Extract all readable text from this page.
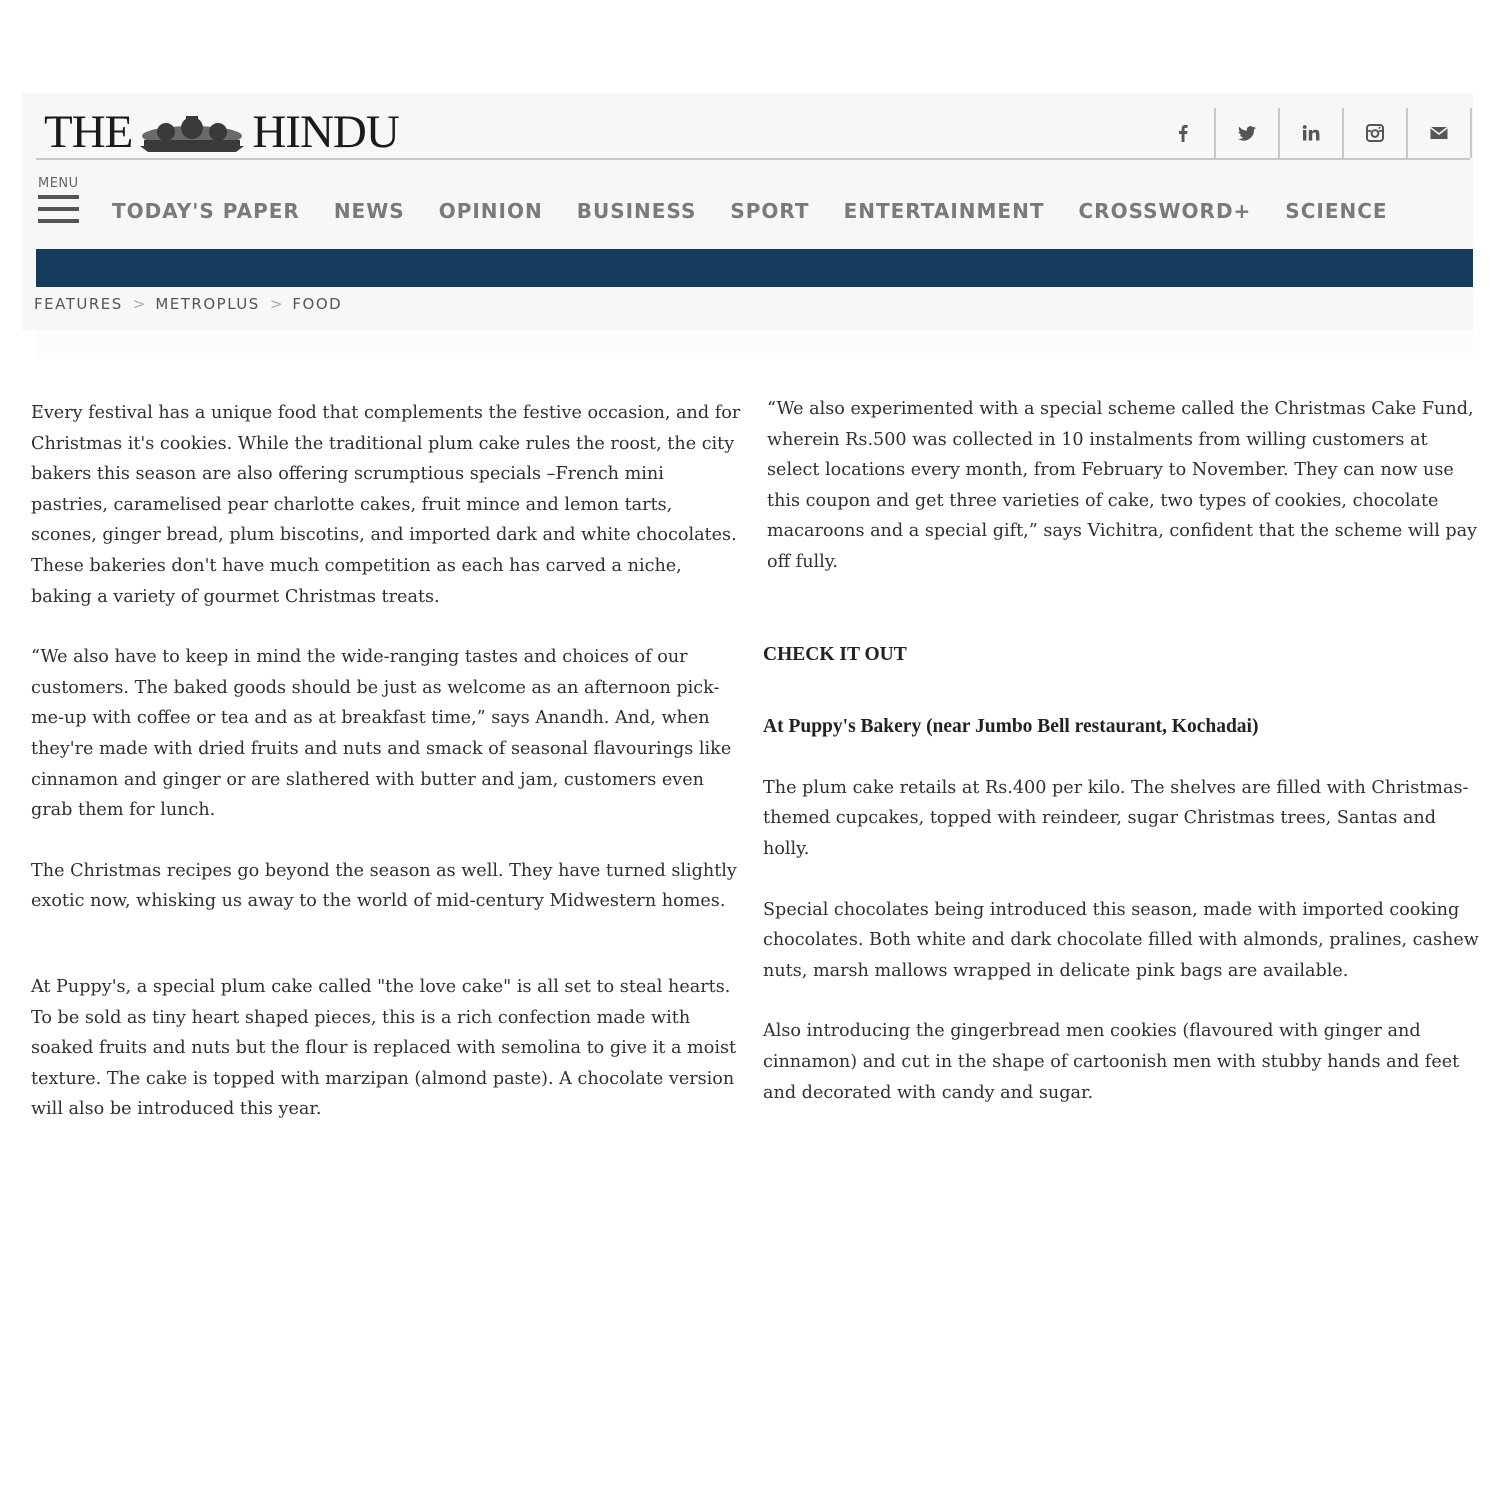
THE	HINDU
MENU
TODAY'S PAPER NEWS OPINION BUSINESS SPORT ENTERTAINMENT CROSSWORD+ SCIENCE
FEATURES > METROPLUS > FOOD

Every festival has a unique food that complements the festive occasion, and for Christmas it's cookies. While the traditional plum cake rules the roost, the city bakers this season are also offering scrumptious specials –French mini pastries, caramelised pear charlotte cakes, fruit mince and lemon tarts, scones, ginger bread, plum biscotins, and imported dark and white chocolates. These bakeries don't have much competition as each has carved a niche, baking a variety of gourmet Christmas treats.

“We also have to keep in mind the wide-ranging tastes and choices of our customers. The baked goods should be just as welcome as an afternoon pick-me-up with coffee or tea and as at breakfast time,” says Anandh. And, when they're made with dried fruits and nuts and smack of seasonal flavourings like cinnamon and ginger or are slathered with butter and jam, customers even grab them for lunch.

The Christmas recipes go beyond the season as well. They have turned slightly exotic now, whisking us away to the world of mid-century Midwestern homes.

At Puppy's, a special plum cake called "the love cake" is all set to steal hearts. To be sold as tiny heart shaped pieces, this is a rich confection made with soaked fruits and nuts but the flour is replaced with semolina to give it a moist texture. The cake is topped with marzipan (almond paste). A chocolate version will also be introduced this year.

“We also experimented with a special scheme called the Christmas Cake Fund, wherein Rs.500 was collected in 10 instalments from willing customers at select locations every month, from February to November. They can now use this coupon and get three varieties of cake, two types of cookies, chocolate macaroons and a special gift,” says Vichitra, confident that the scheme will pay off fully.

CHECK IT OUT

At Puppy's Bakery (near Jumbo Bell restaurant, Kochadai)

The plum cake retails at Rs.400 per kilo. The shelves are filled with Christmas-themed cupcakes, topped with reindeer, sugar Christmas trees, Santas and holly.

Special chocolates being introduced this season, made with imported cooking chocolates. Both white and dark chocolate filled with almonds, pralines, cashew nuts, marsh mallows wrapped in delicate pink bags are available.

Also introducing the gingerbread men cookies (flavoured with ginger and cinnamon) and cut in the shape of cartoonish men with stubby hands and feet and decorated with candy and sugar.
